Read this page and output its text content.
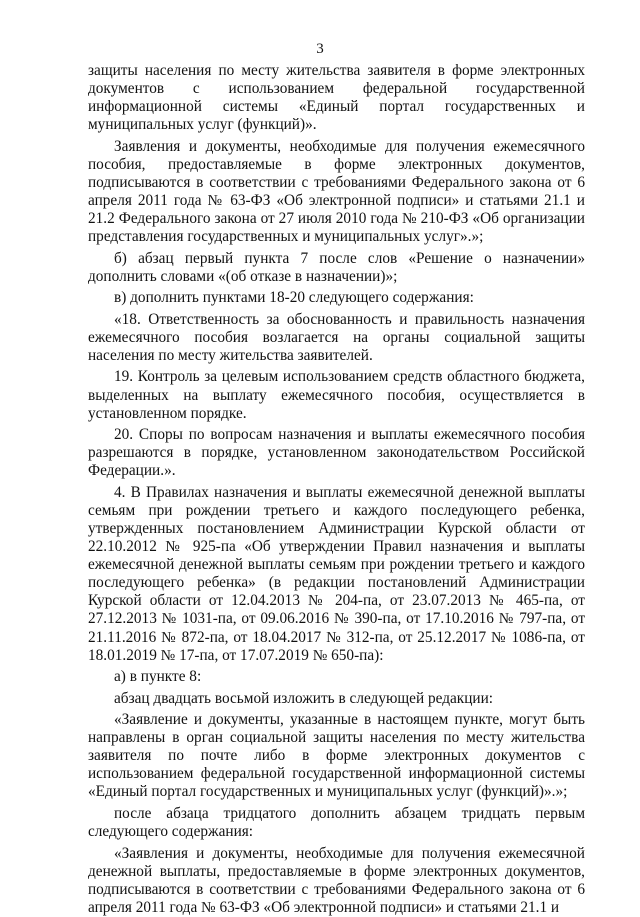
3

защиты населения по месту жительства заявителя в форме электронных документов с использованием федеральной государственной информационной системы «Единый портал государственных и муниципальных услуг (функций)».

Заявления и документы, необходимые для получения ежемесячного пособия, предоставляемые в форме электронных документов, подписываются в соответствии с требованиями Федерального закона от 6 апреля 2011 года № 63-ФЗ «Об электронной подписи» и статьями 21.1 и 21.2 Федерального закона от 27 июля 2010 года № 210-ФЗ «Об организации представления государственных и муниципальных услуг».»;

б) абзац первый пункта 7 после слов «Решение о назначении» дополнить словами «(об отказе в назначении)»;

в) дополнить пунктами 18-20 следующего содержания:

«18. Ответственность за обоснованность и правильность назначения ежемесячного пособия возлагается на органы социальной защиты населения по месту жительства заявителей.

19. Контроль за целевым использованием средств областного бюджета, выделенных на выплату ежемесячного пособия, осуществляется в установленном порядке.

20. Споры по вопросам назначения и выплаты ежемесячного пособия разрешаются в порядке, установленном законодательством Российской Федерации.».

4. В Правилах назначения и выплаты ежемесячной денежной выплаты семьям при рождении третьего и каждого последующего ребенка, утвержденных постановлением Администрации Курской области от 22.10.2012 № 925-па «Об утверждении Правил назначения и выплаты ежемесячной денежной выплаты семьям при рождении третьего и каждого последующего ребенка» (в редакции постановлений Администрации Курской области от 12.04.2013 № 204-па, от 23.07.2013 № 465-па, от 27.12.2013 № 1031-па, от 09.06.2016 № 390-па, от 17.10.2016 № 797-па, от 21.11.2016 № 872-па, от 18.04.2017 № 312-па, от 25.12.2017 № 1086-па, от 18.01.2019 № 17-па, от 17.07.2019 № 650-па):

а) в пункте 8:

абзац двадцать восьмой изложить в следующей редакции:

«Заявление и документы, указанные в настоящем пункте, могут быть направлены в орган социальной защиты населения по месту жительства заявителя по почте либо в форме электронных документов с использованием федеральной государственной информационной системы «Единый портал государственных и муниципальных услуг (функций)».»;

после абзаца тридцатого дополнить абзацем тридцать первым следующего содержания:

«Заявления и документы, необходимые для получения ежемесячной денежной выплаты, предоставляемые в форме электронных документов, подписываются в соответствии с требованиями Федерального закона от 6 апреля 2011 года № 63-ФЗ «Об электронной подписи» и статьями 21.1 и
